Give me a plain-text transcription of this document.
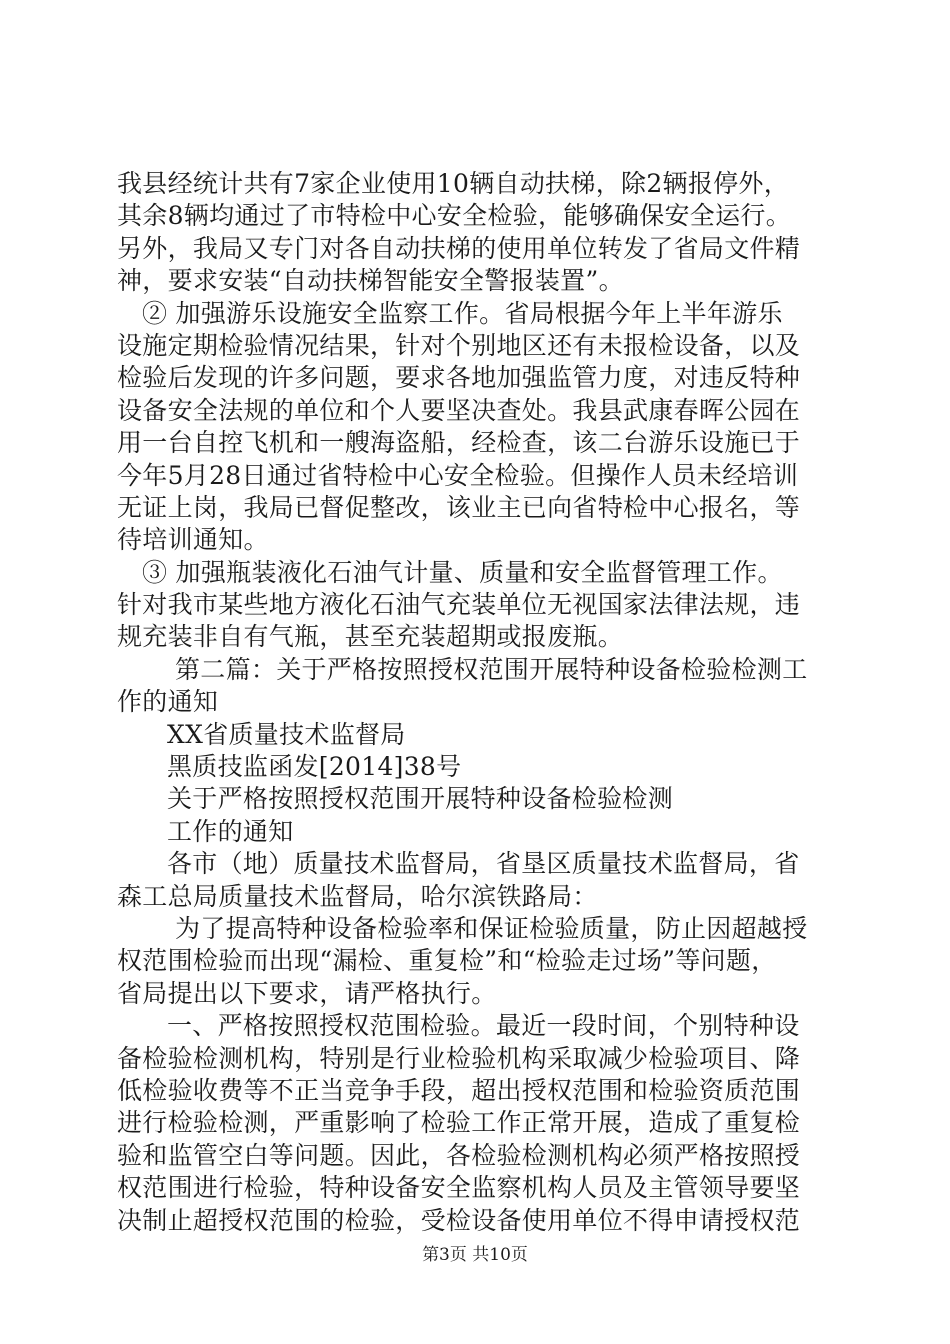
我县经统计共有7家企业使用10辆自动扶梯，除2辆报停外，
其余8辆均通过了市特检中心安全检验，能够确保安全运行。
另外，我局又专门对各自动扶梯的使用单位转发了省局文件精
神，要求安装“自动扶梯智能安全警报装置”。
② 加强游乐设施安全监察工作。省局根据今年上半年游乐
设施定期检验情况结果，针对个别地区还有未报检设备，以及
检验后发现的许多问题，要求各地加强监管力度，对违反特种
设备安全法规的单位和个人要坚决查处。我县武康春晖公园在
用一台自控飞机和一艘海盗船，经检查，该二台游乐设施已于
今年5月28日通过省特检中心安全检验。但操作人员未经培训
无证上岗，我局已督促整改，该业主已向省特检中心报名，等
待培训通知。
③ 加强瓶装液化石油气计量、质量和安全监督管理工作。
针对我市某些地方液化石油气充装单位无视国家法律法规，违
规充装非自有气瓶，甚至充装超期或报废瓶。
第二篇：关于严格按照授权范围开展特种设备检验检测工
作的通知
XX省质量技术监督局
黑质技监函发[2014]38号
关于严格按照授权范围开展特种设备检验检测
工作的通知
各市（地）质量技术监督局，省垦区质量技术监督局，省
森工总局质量技术监督局，哈尔滨铁路局：
为了提高特种设备检验率和保证检验质量，防止因超越授
权范围检验而出现“漏检、重复检”和“检验走过场”等问题，
省局提出以下要求，请严格执行。
一、严格按照授权范围检验。最近一段时间，个别特种设
备检验检测机构，特别是行业检验机构采取减少检验项目、降
低检验收费等不正当竞争手段，超出授权范围和检验资质范围
进行检验检测，严重影响了检验工作正常开展，造成了重复检
验和监管空白等问题。因此，各检验检测机构必须严格按照授
权范围进行检验，特种设备安全监察机构人员及主管领导要坚
决制止超授权范围的检验，受检设备使用单位不得申请授权范
第3页 共10页
